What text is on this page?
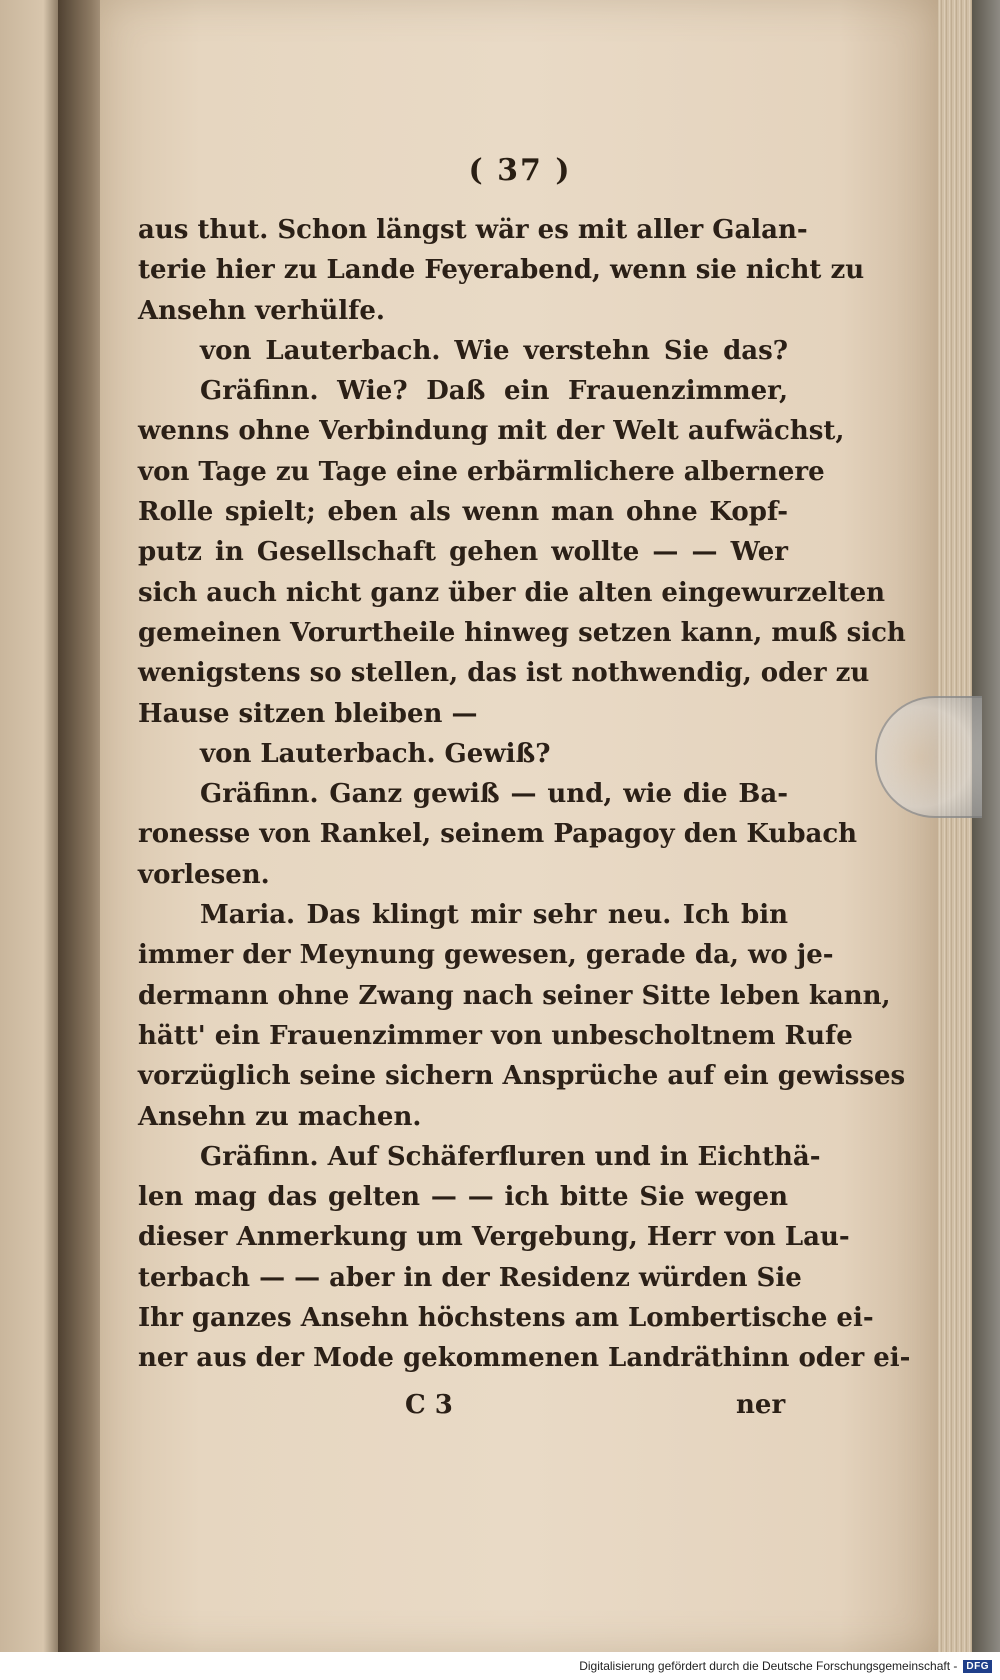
( 37 )
aus thut. Schon längst wär es mit aller Galan-
terie hier zu Lande Feyerabend, wenn sie nicht zu
Ansehn verhülfe.
von Lauterbach. Wie verstehn Sie das?
Gräfinn. Wie? Daß ein Frauenzimmer,
wenns ohne Verbindung mit der Welt aufwächst,
von Tage zu Tage eine erbärmlichere albernere
Rolle spielt; eben als wenn man ohne Kopf-
putz in Gesellschaft gehen wollte — — Wer
sich auch nicht ganz über die alten eingewurzelten
gemeinen Vorurtheile hinweg setzen kann, muß sich
wenigstens so stellen, das ist nothwendig, oder zu
Hause sitzen bleiben —
von Lauterbach. Gewiß?
Gräfinn. Ganz gewiß — und, wie die Ba-
ronesse von Rankel, seinem Papagoy den Kubach
vorlesen.
Maria. Das klingt mir sehr neu. Ich bin
immer der Meynung gewesen, gerade da, wo je-
dermann ohne Zwang nach seiner Sitte leben kann,
hätt' ein Frauenzimmer von unbescholtnem Rufe
vorzüglich seine sichern Ansprüche auf ein gewisses
Ansehn zu machen.
Gräfinn. Auf Schäferfluren und in Eichthä-
len mag das gelten — — ich bitte Sie wegen
dieser Anmerkung um Vergebung, Herr von Lau-
terbach — — aber in der Residenz würden Sie
Ihr ganzes Ansehn höchstens am Lombertische ei-
ner aus der Mode gekommenen Landräthinn oder ei-
C 3	ner
Digitalisierung gefördert durch die Deutsche Forschungsgemeinschaft - DFG
